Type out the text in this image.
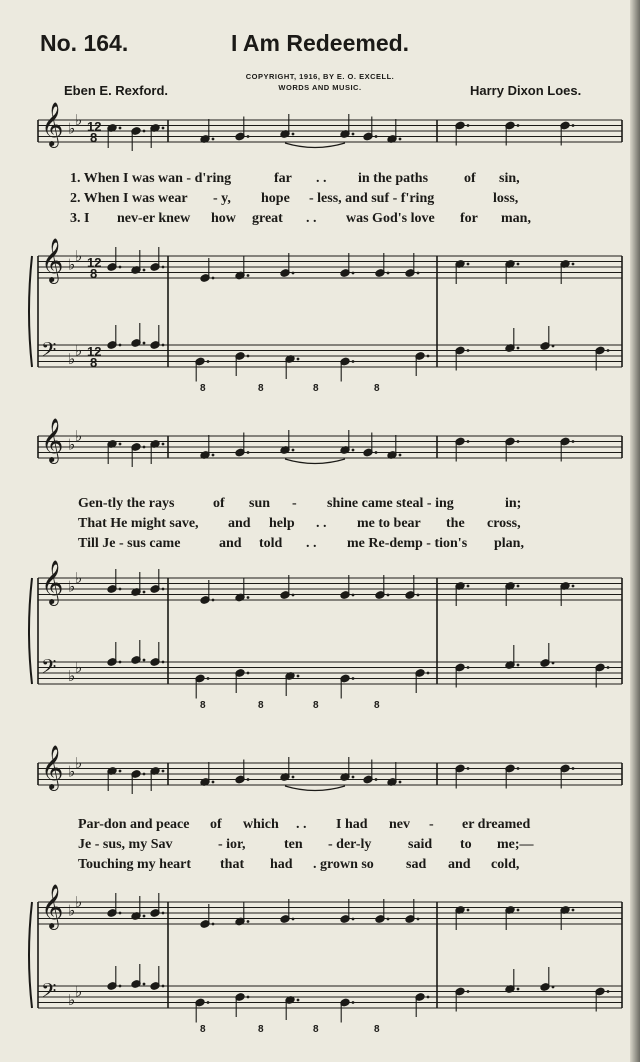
No. 164.	I Am Redeemed.
COPYRIGHT, 1916, BY E. O. EXCELL.
WORDS AND MUSIC.
Eben E. Rexford.	Harry Dixon Loes.
𝄞
𝄞
𝄢
♭ ♭
♭ ♭
♭ ♭
12
8
12
8
12
8
8	8	8	8
𝄞
𝄞
𝄢
♭ ♭
♭ ♭
♭ ♭
8	8	8	8
𝄞
𝄞
𝄢
♭ ♭
♭ ♭
♭ ♭
8	8	8	8
1. When I was wan - d'ring	far . . in the paths	of sin,
2. When I was wear - y, hope - less, and suf - f'ring	loss,
3. I nev-er knew how great . . was God's love for man,
Gen-tly the rays	of sun - shine came steal - ing	in;
That He might save, and help . . me to bear the cross,
Till Je - sus came	and told . . me Re-demp - tion's plan,
Par-don and peace of which . . I had nev - er dreamed
Je - sus, my Sav	- ior,	ten - der-ly	said to me;—
Touching my heart that had . grown so sad and cold,
